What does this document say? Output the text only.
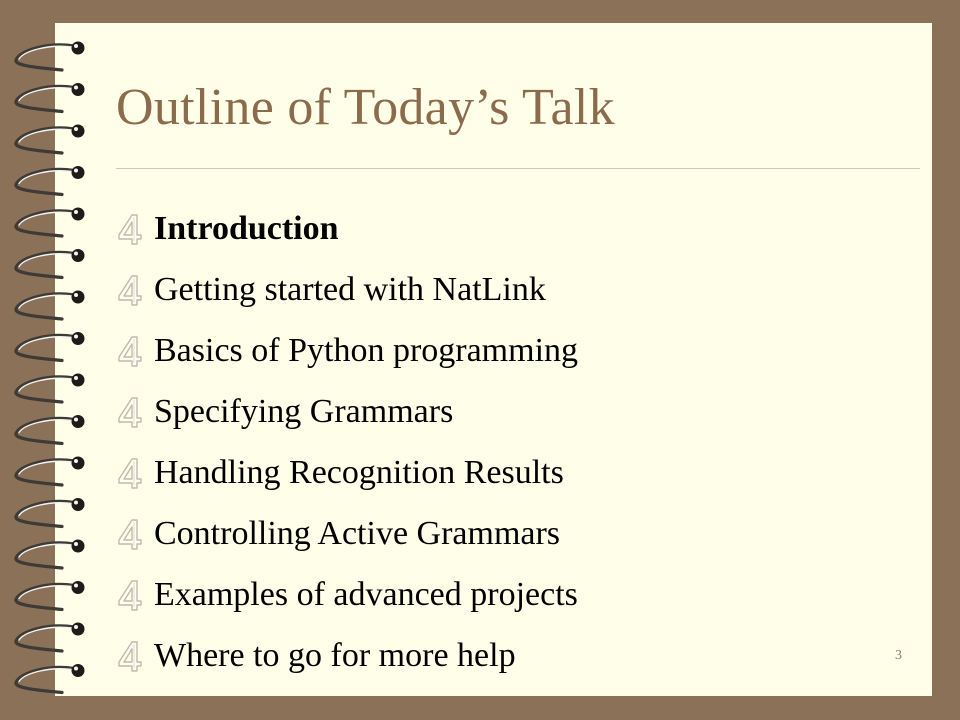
Outline of Today’s Talk
Introduction
Getting started with NatLink
Basics of Python programming
Specifying Grammars
Handling Recognition Results
Controlling Active Grammars
Examples of advanced projects
Where to go for more help	3
